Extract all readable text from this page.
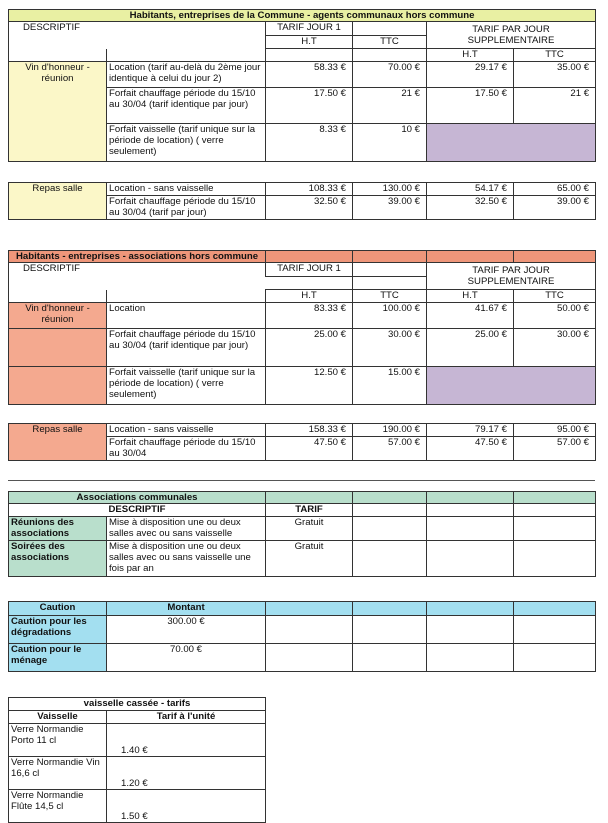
Habitants, entreprises de la Commune - agents communaux hors commune					
DESCRIPTIF		TARIF JOUR 1		TARIF PAR JOUR SUPPLEMENTAIRE	
		H.T	TTC		
				H.T	TTC
Vin d'honneur - réunion	Location (tarif au-delà du 2ème jour identique à celui du jour 2)	58.33 €	70.00 €	29.17 €	35.00 €
	Forfait chauffage période du 15/10 au 30/04 (tarif identique par jour)	17.50 €	21 €	17.50 €	21 €
	Forfait vaisselle (tarif unique sur la période de location) ( verre seulement)	8.33 €	10 €		
Repas salle	Location - sans vaisselle	108.33 €	130.00 €	54.17 €	65.00 €
	Forfait chauffage période du 15/10 au 30/04 (tarif par jour)	32.50 €	39.00 €	32.50 €	39.00 €
Habitants - entreprises - associations hors commune					
DESCRIPTIF		TARIF JOUR 1		TARIF PAR JOUR SUPPLEMENTAIRE	

		H.T	TTC	H.T	TTC
Vin d'honneur - réunion	Location	83.33 €	100.00 €	41.67 €	50.00 €
	Forfait chauffage période du 15/10 au 30/04 (tarif identique par jour)	25.00 €	30.00 €	25.00 €	30.00 €
	Forfait vaisselle (tarif unique sur la période de location) ( verre seulement)	12.50 €	15.00 €		
Repas salle	Location - sans vaisselle	158.33 €	190.00 €	79.17 €	95.00 €
	Forfait chauffage période du 15/10 au 30/04	47.50 €	57.00 €	47.50 €	57.00 €
Associations communales					
DESCRIPTIF		TARIF			
Réunions des associations	Mise à disposition une ou deux salles avec ou sans vaisselle	Gratuit			
Soirées des associations	Mise à disposition une ou deux salles avec ou sans vaisselle une fois par an	Gratuit			
Caution	Montant				
Caution pour les dégradations	300.00 €				
Caution pour le ménage	70.00 €				
vaisselle cassée - tarifs	
Vaisselle	Tarif à l'unité
Verre Normandie Porto 11 cl	1.40 €
Verre Normandie Vin 16,6 cl	1.20 €
Verre Normandie Flûte 14,5 cl	1.50 €
